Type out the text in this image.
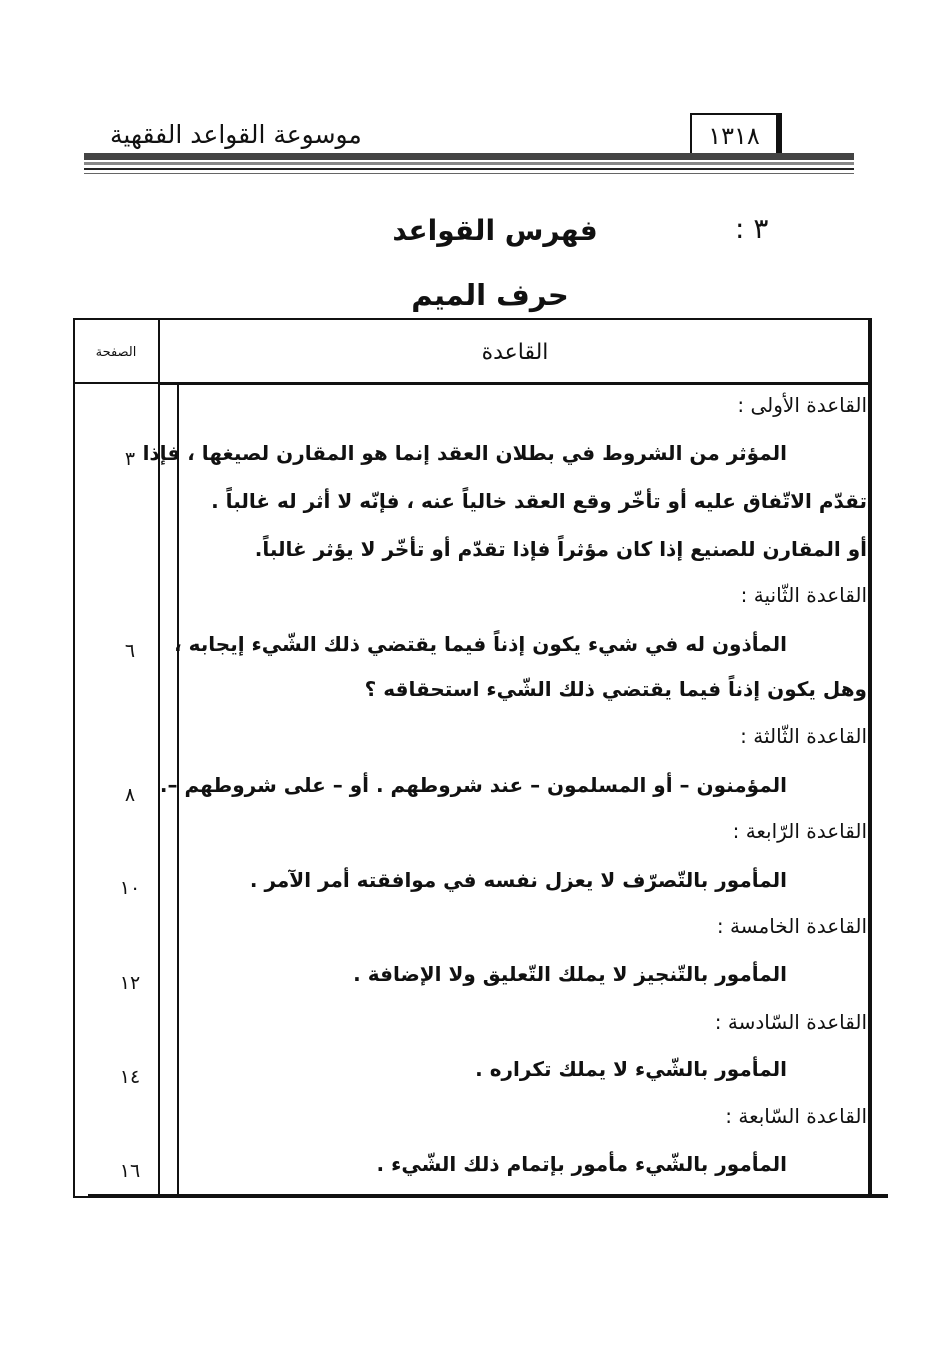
موسوعة القواعد الفقهية	١٣١٨
٣ :
فهرس القواعد
حرف الميم
القاعدة
الصفحة
القاعدة الأولى :
المؤثر من الشروط في بطلان العقد إنما هو المقارن لصيغها ، فإذا
تقدّم الاتّفاق عليه أو تأخّر وقع العقد خالياً عنه ، فإنّه لا أثر له غالباً .
أو المقارن للصنيع إذا كان مؤثراً فإذا تقدّم أو تأخّر لا يؤثر غالباً.
٣
القاعدة الثّانية :
المأذون له في شيء يكون إذناً فيما يقتضي ذلك الشّيء إيجابه ،
وهل يكون إذناً فيما يقتضي ذلك الشّيء استحقاقه ؟
٦
القاعدة الثّالثة :
المؤمنون – أو المسلمون – عند شروطهم . أو – على شروطهم –.
٨
القاعدة الرّابعة :
المأمور بالتّصرّف لا يعزل نفسه في موافقته أمر الآمر .
١٠
القاعدة الخامسة :
المأمور بالتّنجيز لا يملك التّعليق ولا الإضافة .
١٢
القاعدة السّادسة :
المأمور بالشّيء لا يملك تكراره .
١٤
القاعدة السّابعة :
المأمور بالشّيء مأمور بإتمام ذلك الشّيء .
١٦
